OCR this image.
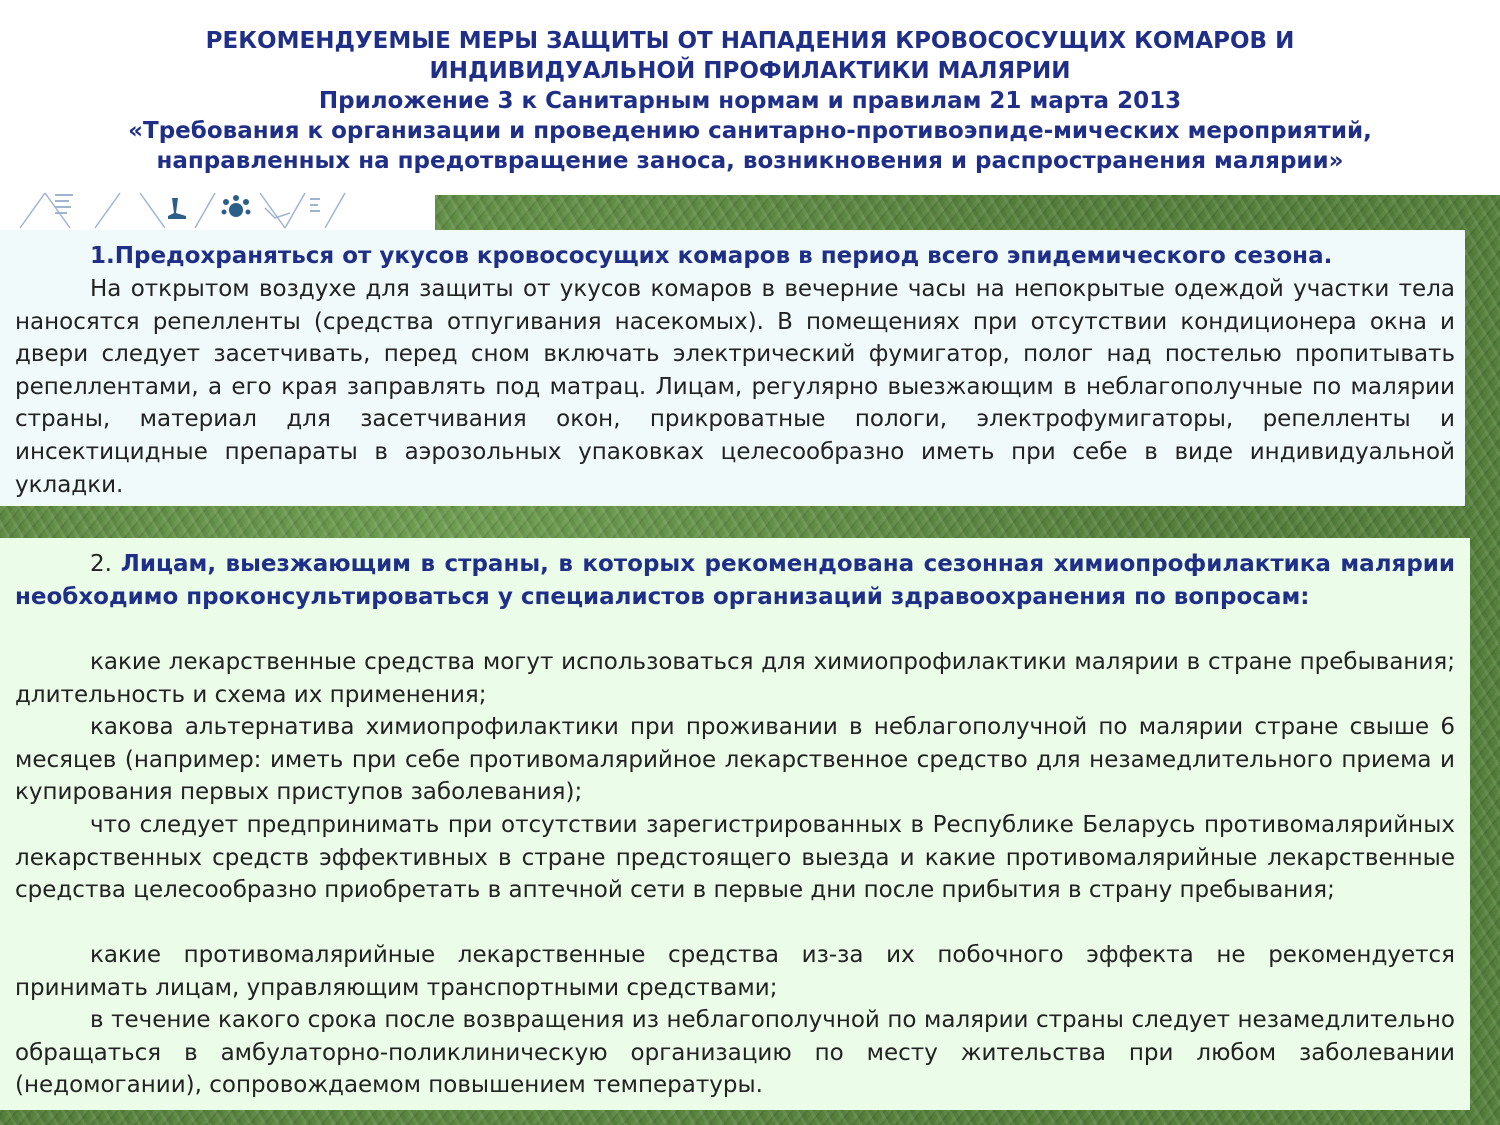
РЕКОМЕНДУЕМЫЕ МЕРЫ ЗАЩИТЫ ОТ НАПАДЕНИЯ КРОВОСОСУЩИХ КОМАРОВ И

ИНДИВИДУАЛЬНОЙ ПРОФИЛАКТИКИ МАЛЯРИИ

Приложение 3 к Санитарным нормам и правилам 21 марта 2013

«Требования к организации и проведению санитарно-противоэпиде-мических мероприятий,

направленных на предотвращение заноса, возникновения и распространения малярии»

1.Предохраняться от укусов кровососущих комаров в период всего эпидемического сезона.

На открытом воздухе для защиты от укусов комаров в вечерние часы на непокрытые одеждой участки тела наносятся репелленты (средства отпугивания насекомых). В помещениях при отсутствии кондиционера окна и двери следует засетчивать, перед сном включать электрический фумигатор, полог над постелью пропитывать репеллентами, а его края заправлять под матрац. Лицам, регулярно выезжающим в неблагополучные по малярии страны, материал для засетчивания окон, прикроватные пологи, электрофумигаторы, репелленты и инсектицидные препараты в аэрозольных упаковках целесообразно иметь при себе в виде индивидуальной укладки.

2. Лицам, выезжающим в страны, в которых рекомендована сезонная химиопрофилактика малярии необходимо проконсультироваться у специалистов организаций здравоохранения по вопросам:

какие лекарственные средства могут использоваться для химиопрофилактики малярии в стране пребывания; длительность и схема их применения;

какова альтернатива химиопрофилактики при проживании в неблагополучной по малярии стране свыше 6 месяцев (например: иметь при себе противомалярийное лекарственное средство для незамедлительного приема и купирования первых приступов заболевания);

что следует предпринимать при отсутствии зарегистрированных в Республике Беларусь противомалярийных лекарственных средств эффективных в стране предстоящего выезда и какие противомалярийные лекарственные средства целесообразно приобретать в аптечной сети в первые дни после прибытия в страну пребывания;

какие противомалярийные лекарственные средства из-за их побочного эффекта не рекомендуется принимать лицам, управляющим транспортными средствами;

в течение какого срока после возвращения из неблагополучной по малярии страны следует незамедлительно обращаться в амбулаторно-поликлиническую организацию по месту жительства при любом заболевании (недомогании), сопровождаемом повышением температуры.
